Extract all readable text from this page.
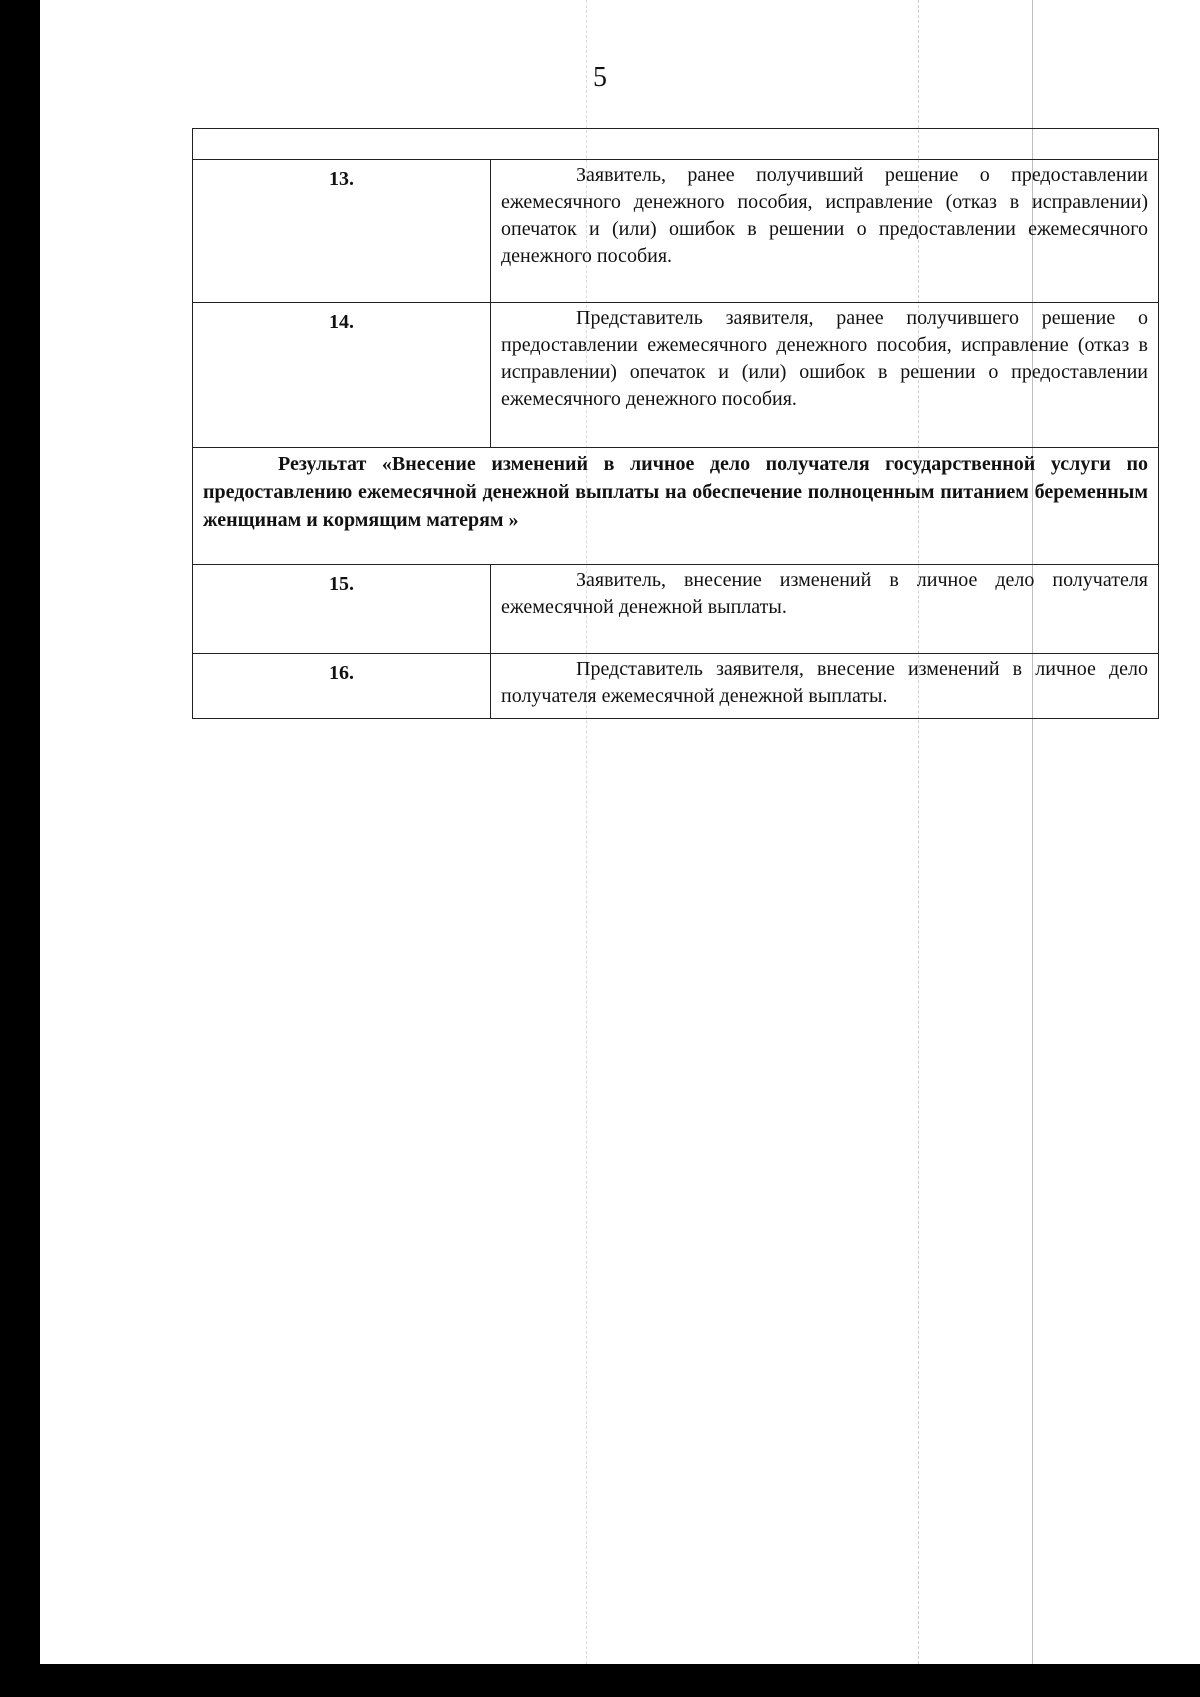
5

13.	Заявитель, ранее получивший решение о предоставлении ежемесячного денежного пособия, исправление (отказ в исправлении) опечаток и (или) ошибок в решении о предоставлении ежемесячного денежного пособия.
14.	Представитель заявителя, ранее получившего решение о предоставлении ежемесячного денежного пособия, исправление (отказ в исправлении) опечаток и (или) ошибок в решении о предоставлении ежемесячного денежного пособия.
Результат «Внесение изменений в личное дело получателя государственной услуги по предоставлению ежемесячной денежной выплаты на обеспечение полноценным питанием беременным женщинам и кормящим матерям »	
15.	Заявитель, внесение изменений в личное дело получателя ежемесячной денежной выплаты.
16.	Представитель заявителя, внесение изменений в личное дело получателя ежемесячной денежной выплаты.
